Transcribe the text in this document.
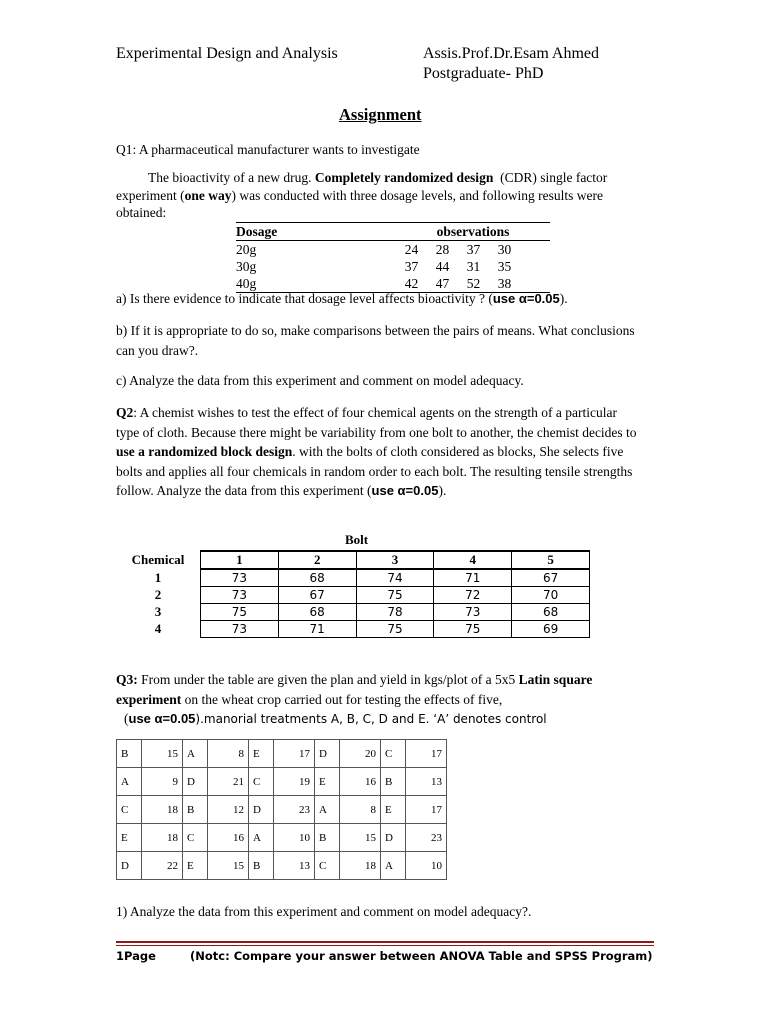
Experimental Design and Analysis	Assis.Prof.Dr.Esam Ahmed
Postgraduate- PhD
Assignment
Q1: A pharmaceutical manufacturer wants to investigate
The bioactivity of a new drug. Completely randomized design (CDR) single factor experiment (one way) was conducted with three dosage levels, and following results were obtained:
Dosage	observations
20g	24	28	37	30
30g	37	44	31	35
40g	42	47	52	38
a) Is there evidence to indicate that dosage level affects bioactivity ? (use α=0.05).
b) If it is appropriate to do so, make comparisons between the pairs of means. What conclusions can you draw?.
c) Analyze the data from this experiment and comment on model adequacy.
Q2: A chemist wishes to test the effect of four chemical agents on the strength of a particular type of cloth. Because there might be variability from one bolt to another, the chemist decides to use a randomized block design. with the bolts of cloth considered as blocks, She selects five bolts and applies all four chemicals in random order to each bolt. The resulting tensile strengths follow. Analyze the data from this experiment (use α=0.05).
Bolt
Chemical	1	2	3	4	5
1	73	68	74	71	67
2	73	67	75	72	70
3	75	68	78	73	68
4	73	71	75	75	69
Q3: From under the table are given the plan and yield in kgs/plot of a 5x5 Latin square experiment on the wheat crop carried out for testing the effects of five,
(use α=0.05).manorial treatments A, B, C, D and E. ‘A’ denotes control
B	15	A	8	E	17	D	20	C	17
A	9	D	21	C	19	E	16	B	13
C	18	B	12	D	23	A	8	E	17
E	18	C	16	A	10	B	15	D	23
D	22	E	15	B	13	C	18	A	10
1) Analyze the data from this experiment and comment on model adequacy?.
1Page	(Notc: Compare your answer between ANOVA Table and SPSS Program)
